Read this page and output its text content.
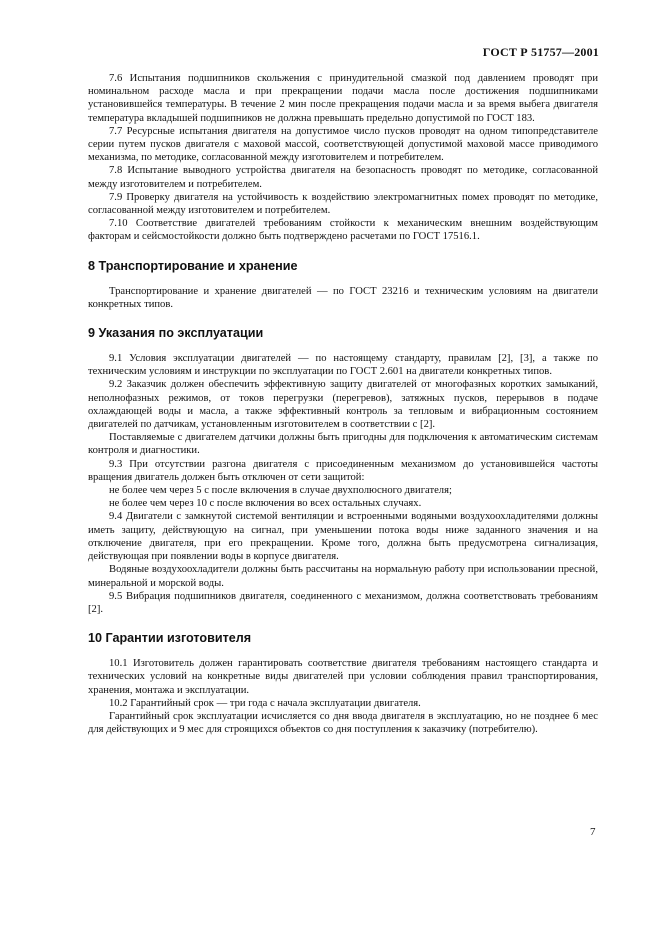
ГОСТ Р 51757—2001

7.6 Испытания подшипников скольжения с принудительной смазкой под давлением проводят при номинальном расходе масла и при прекращении подачи масла после достижения подшипниками установившейся температуры. В течение 2 мин после прекращения подачи масла и за время выбега двигателя температура вкладышей подшипников не должна превышать предельно допустимой по ГОСТ 183.

7.7 Ресурсные испытания двигателя на допустимое число пусков проводят на одном типопредставителе серии путем пусков двигателя с маховой массой, соответствующей допустимой маховой массе приводимого механизма, по методике, согласованной между изготовителем и потребителем.

7.8 Испытание выводного устройства двигателя на безопасность проводят по методике, согласованной между изготовителем и потребителем.

7.9 Проверку двигателя на устойчивость к воздействию электромагнитных помех проводят по методике, согласованной между изготовителем и потребителем.

7.10 Соответствие двигателей требованиям стойкости к механическим внешним воздействующим факторам и сейсмостойкости должно быть подтверждено расчетами по ГОСТ 17516.1.

8 Транспортирование и хранение

Транспортирование и хранение двигателей — по ГОСТ 23216 и техническим условиям на двигатели конкретных типов.

9 Указания по эксплуатации

9.1 Условия эксплуатации двигателей — по настоящему стандарту, правилам [2], [3], а также по техническим условиям и инструкции по эксплуатации по ГОСТ 2.601 на двигатели конкретных типов.

9.2 Заказчик должен обеспечить эффективную защиту двигателей от многофазных коротких замыканий, неполнофазных режимов, от токов перегрузки (перегревов), затяжных пусков, перерывов в подаче охлаждающей воды и масла, а также эффективный контроль за тепловым и вибрационным состоянием двигателей по датчикам, установленным изготовителем в соответствии с [2].

Поставляемые с двигателем датчики должны быть пригодны для подключения к автоматическим системам контроля и диагностики.

9.3 При отсутствии разгона двигателя с присоединенным механизмом до установившейся частоты вращения двигатель должен быть отключен от сети защитой:

не более чем через 5 с после включения в случае двухполюсного двигателя;

не более чем через 10 с после включения во всех остальных случаях.

9.4 Двигатели с замкнутой системой вентиляции и встроенными водяными воздухоохладителями должны иметь защиту, действующую на сигнал, при уменьшении потока воды ниже заданного значения и на отключение двигателя, при его прекращении. Кроме того, должна быть предусмотрена сигнализация, действующая при появлении воды в корпусе двигателя.

Водяные воздухоохладители должны быть рассчитаны на нормальную работу при использовании пресной, минеральной и морской воды.

9.5 Вибрация подшипников двигателя, соединенного с механизмом, должна соответствовать требованиям [2].

10 Гарантии изготовителя

10.1 Изготовитель должен гарантировать соответствие двигателя требованиям настоящего стандарта и технических условий на конкретные виды двигателей при условии соблюдения правил транспортирования, хранения, монтажа и эксплуатации.

10.2 Гарантийный срок — три года с начала эксплуатации двигателя.

Гарантийный срок эксплуатации исчисляется со дня ввода двигателя в эксплуатацию, но не позднее 6 мес для действующих и 9 мес для строящихся объектов со дня поступления к заказчику (потребителю).

7
